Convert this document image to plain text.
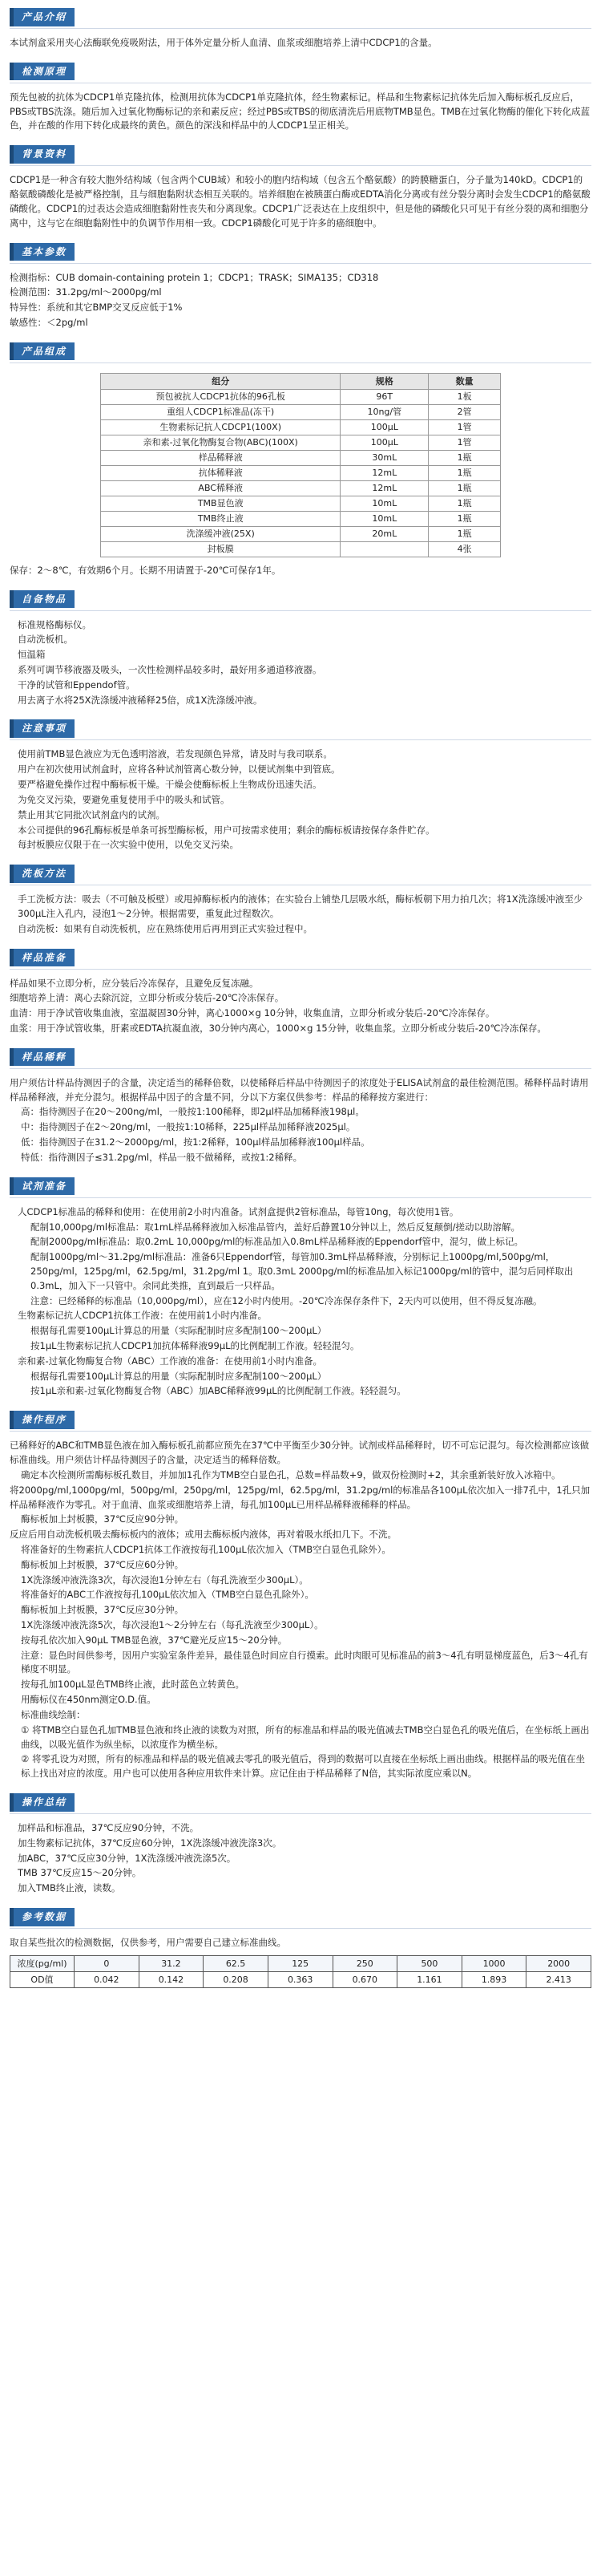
产品介绍

本试剂盒采用夹心法酶联免疫吸附法，用于体外定量分析人血清、血浆或细胞培养上清中CDCP1的含量。

检测原理

预先包被的抗体为CDCP1单克隆抗体，检测用抗体为CDCP1单克隆抗体，经生物素标记。样品和生物素标记抗体先后加入酶标板孔反应后，PBS或TBS洗涤。随后加入过氧化物酶标记的亲和素反应；经过PBS或TBS的彻底清洗后用底物TMB显色。TMB在过氧化物酶的催化下转化成蓝色，并在酸的作用下转化成最终的黄色。颜色的深浅和样品中的人CDCP1呈正相关。

背景资料

CDCP1是一种含有较大胞外结构域（包含两个CUB域）和较小的胞内结构域（包含五个酪氨酸）的跨膜糖蛋白，分子量为140kD。CDCP1的酪氨酸磷酸化是被严格控制，且与细胞黏附状态相互关联的。培养细胞在被胰蛋白酶或EDTA消化分离或有丝分裂分离时会发生CDCP1的酪氨酸磷酸化。CDCP1的过表达会造成细胞黏附性丧失和分离现象。CDCP1广泛表达在上皮组织中，但是他的磷酸化只可见于有丝分裂的离和细胞分离中，这与它在细胞黏附性中的负调节作用相一致。CDCP1磷酸化可见于许多的癌细胞中。

基本参数

检测指标：CUB domain-containing protein 1；CDCP1；TRASK；SIMA135；CD318

检测范围：31.2pg/ml～2000pg/ml

特异性：系统和其它BMP交叉反应低于1%

敏感性：＜2pg/ml

产品组成
组分	规格	数量
预包被抗人CDCP1抗体的96孔板	96T	1板
重组人CDCP1标准品(冻干)	10ng/管	2管
生物素标记抗人CDCP1(100X)	100μL	1管
亲和素-过氧化物酶复合物(ABC)(100X)	100μL	1管
样品稀释液	30mL	1瓶
抗体稀释液	12mL	1瓶
ABC稀释液	12mL	1瓶
TMB显色液	10mL	1瓶
TMB终止液	10mL	1瓶
洗涤缓冲液(25X)	20mL	1瓶
封板膜		4张

保存：2～8℃，有效期6个月。长期不用请置于-20℃可保存1年。

自备物品

标准规格酶标仪。

自动洗板机。

恒温箱

系列可调节移液器及吸头，一次性检测样品较多时，最好用多通道移液器。

干净的试管和Eppendof管。

用去离子水将25X洗涤缓冲液稀释25倍，成1X洗涤缓冲液。

注意事项

使用前TMB显色液应为无色透明溶液，若发现颜色异常，请及时与我司联系。

用户在初次使用试剂盒时，应将各种试剂管离心数分钟，以便试剂集中到管底。

要严格避免操作过程中酶标板干燥。干燥会使酶标板上生物成份迅速失活。

为免交叉污染，要避免重复使用手中的吸头和试管。

禁止用其它同批次试剂盒内的试剂。

本公司提供的96孔酶标板是单条可拆型酶标板，用户可按需求使用；剩余的酶标板请按保存条件贮存。

每封板膜应仅限于在一次实验中使用，以免交叉污染。

洗板方法

手工洗板方法：吸去（不可触及板壁）或甩掉酶标板内的液体；在实验台上铺垫几层吸水纸，酶标板朝下用力拍几次；将1X洗涤缓冲液至少300μL注入孔内，浸泡1～2分钟。根据需要，重复此过程数次。

自动洗板：如果有自动洗板机，应在熟练使用后再用到正式实验过程中。

样品准备

样品如果不立即分析，应分装后冷冻保存，且避免反复冻融。

细胞培养上清：离心去除沉淀，立即分析或分装后-20℃冷冻保存。

血清：用于净试管收集血液，室温凝固30分钟，离心1000×g 10分钟，收集血清，立即分析或分装后-20℃冷冻保存。

血浆：用于净试管收集，肝素或EDTA抗凝血液，30分钟内离心，1000×g 15分钟，收集血浆。立即分析或分装后-20℃冷冻保存。

样品稀释

用户须估计样品待测因子的含量，决定适当的稀释倍数，以使稀释后样品中待测因子的浓度处于ELISA试剂盒的最佳检测范围。稀释样品时请用样品稀释液，并充分混匀。根据样品中因子的含量不同，分以下方案仅供参考：样品的稀释按方案进行：

高：指待测因子在20～200ng/ml，一般按1:100稀释，即2μl样品加稀释液198μl。

中：指待测因子在2～20ng/ml，一般按1:10稀释，225μl样品加稀释液2025μl。

低：指待测因子在31.2～2000pg/ml，按1:2稀释，100μl样品加稀释液100μl样品。

特低：指待测因子≤31.2pg/ml，样品一般不做稀释，或按1:2稀释。

试剂准备

人CDCP1标准品的稀释和使用：在使用前2小时内准备。试剂盒提供2管标准品，每管10ng，每次使用1管。

配制10,000pg/ml标准品：取1mL样品稀释液加入标准品管内，盖好后静置10分钟以上，然后反复颠倒/搓动以助溶解。

配制2000pg/ml标准品：取0.2mL 10,000pg/ml的标准品加入0.8mL样品稀释液的Eppendorf管中，混匀，做上标记。

配制1000pg/ml～31.2pg/ml标准品：准备6只Eppendorf管，每管加0.3mL样品稀释液，分别标记上1000pg/ml,500pg/ml，250pg/ml，125pg/ml，62.5pg/ml，31.2pg/ml 1。取0.3mL 2000pg/ml的标准品加入标记1000pg/ml的管中，混匀后同样取出0.3mL，加入下一只管中。余同此类推，直到最后一只样品。

注意：已经稀释的标准品（10,000pg/ml），应在12小时内使用。-20℃冷冻保存条件下，2天内可以使用，但不得反复冻融。

生物素标记抗人CDCP1抗体工作液：在使用前1小时内准备。

根据每孔需要100μL计算总的用量（实际配制时应多配制100～200μL）

按1μL生物素标记抗人CDCP1加抗体稀释液99μL的比例配制工作液。轻轻混匀。

亲和素-过氧化物酶复合物（ABC）工作液的准备：在使用前1小时内准备。

根据每孔需要100μL计算总的用量（实际配制时应多配制100～200μL）

按1μL亲和素-过氧化物酶复合物（ABC）加ABC稀释液99μL的比例配制工作液。轻轻混匀。

操作程序

已稀释好的ABC和TMB显色液在加入酶标板孔前都应预先在37℃中平衡至少30分钟。试剂或样品稀释时，切不可忘记混匀。每次检测都应该做标准曲线。用户须估计样品待测因子的含量，决定适当的稀释倍数。

确定本次检测所需酶标板孔数目，并加加1孔作为TMB空白显色孔，总数=样品数+9，做双份检测时+2，其余重新装好放入冰箱中。

将2000pg/ml,1000pg/ml，500pg/ml，250pg/ml，125pg/ml，62.5pg/ml，31.2pg/ml的标准品各100μL依次加入一排7孔中，1孔只加样品稀释液作为零孔。对于血清、血浆或细胞培养上清，每孔加100μL已用样品稀释液稀释的样品。

酶标板加上封板膜，37℃反应90分钟。

反应后用自动洗板机吸去酶标板内的液体；或用去酶标板内液体，再对着吸水纸扣几下。不洗。

将准备好的生物素抗人CDCP1抗体工作液按每孔100μL依次加入（TMB空白显色孔除外）。

酶标板加上封板膜，37℃反应60分钟。

1X洗涤缓冲液洗涤3次，每次浸泡1分钟左右（每孔洗液至少300μL）。

将准备好的ABC工作液按每孔100μL依次加入（TMB空白显色孔除外）。

酶标板加上封板膜，37℃反应30分钟。

1X洗涤缓冲液洗涤5次，每次浸泡1～2分钟左右（每孔洗液至少300μL）。

按每孔依次加入90μL TMB显色液，37℃避光反应15～20分钟。

注意：显色时间供参考，因用户实验室条件差异，最佳显色时间应自行摸索。此时肉眼可见标准品的前3～4孔有明显梯度蓝色，后3～4孔有梯度不明显。

按每孔加100μL显色TMB终止液，此时蓝色立转黄色。

用酶标仪在450nm测定O.D.值。

标准曲线绘制：

① 将TMB空白显色孔加TMB显色液和终止液的读数为对照，所有的标准品和样品的吸光值减去TMB空白显色孔的吸光值后，在坐标纸上画出曲线，以吸光值作为纵坐标，以浓度作为横坐标。

② 将零孔设为对照，所有的标准品和样品的吸光值减去零孔的吸光值后，得到的数据可以直接在坐标纸上画出曲线。根据样品的吸光值在坐标上找出对应的浓度。用户也可以使用各种应用软件来计算。应记住由于样品稀释了N倍，其实际浓度应乘以N。

操作总结

加样品和标准品，37℃反应90分钟，不洗。

加生物素标记抗体，37℃反应60分钟，1X洗涤缓冲液洗涤3次。

加ABC，37℃反应30分钟，1X洗涤缓冲液洗涤5次。

TMB 37℃反应15～20分钟。

加入TMB终止液，读数。

参考数据

取自某些批次的检测数据，仅供参考，用户需要自己建立标准曲线。

浓度(pg/ml)	0	31.2	62.5	125	250	500	1000	2000
OD值	0.042	0.142	0.208	0.363	0.670	1.161	1.893	2.413
